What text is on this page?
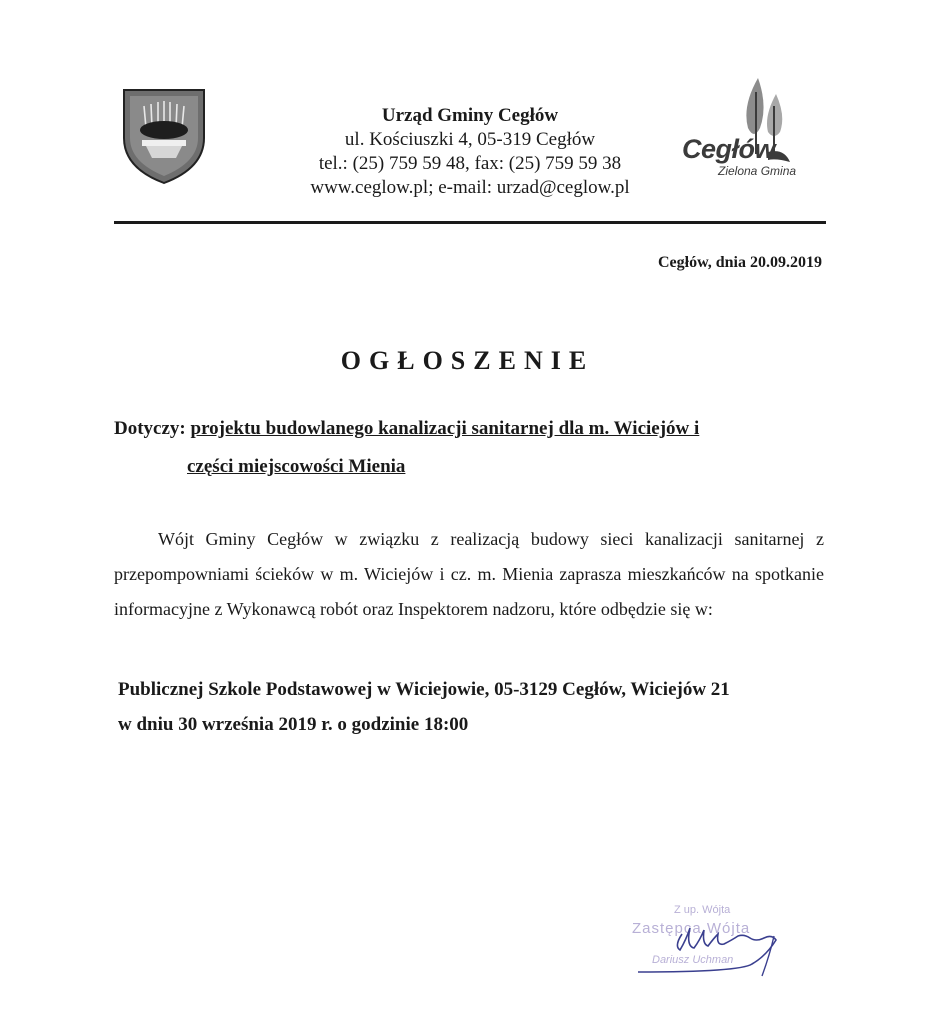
Urząd Gminy Cegłów
ul. Kościuszki 4, 05-319 Cegłów
tel.: (25) 759 59 48, fax: (25) 759 59 38
www.ceglow.pl; e-mail: urzad@ceglow.pl
Cegłów
Zielona Gmina
Cegłów, dnia 20.09.2019
OGŁOSZENIE
Dotyczy: projektu budowlanego kanalizacji sanitarnej dla m. Wiciejów i
części miejscowości Mienia
Wójt Gminy Cegłów w związku z realizacją budowy sieci kanalizacji sanitarnej z przepompowniami ścieków w m. Wiciejów i cz. m. Mienia zaprasza mieszkańców na spotkanie informacyjne z Wykonawcą robót oraz Inspektorem nadzoru, które odbędzie się w:
Publicznej Szkole Podstawowej w Wiciejowie, 05-3129 Cegłów, Wiciejów 21
w dniu 30 września 2019 r. o godzinie 18:00
Z up. Wójta
Zastępca Wójta
Dariusz Uchman
